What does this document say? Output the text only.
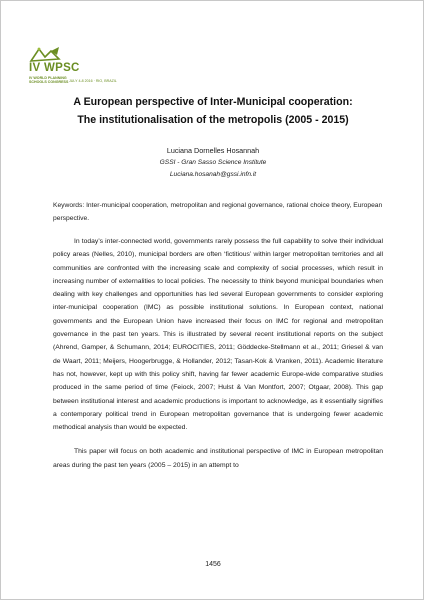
IV WPSC
IV WORLD PLANNING
SCHOOLS CONGRESS JULY 4-8 2016 · RIO, BRAZIL
A European perspective of Inter-Municipal cooperation:
The institutionalisation of the metropolis (2005 - 2015)
Luciana Dornelles Hosannah
GSSI - Gran Sasso Science Institute
Luciana.hosanah@gssi.infn.it
Keywords: Inter-municipal cooperation, metropolitan and regional governance, rational choice theory, European perspective.

In today’s inter-connected world, governments rarely possess the full capability to solve their individual policy areas (Nelles, 2010), municipal borders are often ‘fictitious’ within larger metropolitan territories and all communities are confronted with the increasing scale and complexity of social processes, which result in increasing number of externalities to local policies. The necessity to think beyond municipal boundaries when dealing with key challenges and opportunities has led several European governments to consider exploring inter-municipal cooperation (IMC) as possible institutional solutions. In European context, national governments and the European Union have increased their focus on IMC for regional and metropolitan governance in the past ten years. This is illustrated by several recent institutional reports on the subject (Ahrend, Gamper, & Schumann, 2014; EUROCITIES, 2011; Göddecke-Stellmann et al., 2011; Griesel & van de Waart, 2011; Meijers, Hoogerbrugge, & Hollander, 2012; Tasan-Kok & Vranken, 2011). Academic literature has not, however, kept up with this policy shift, having far fewer academic Europe-wide comparative studies produced in the same period of time (Feiock, 2007; Hulst & Van Montfort, 2007; Otgaar, 2008). This gap between institutional interest and academic productions is important to acknowledge, as it essentially signifies a contemporary political trend in European metropolitan governance that is undergoing fewer academic methodical analysis than would be expected.

This paper will focus on both academic and institutional perspective of IMC in European metropolitan areas during the past ten years (2005 – 2015) in an attempt to

1456
